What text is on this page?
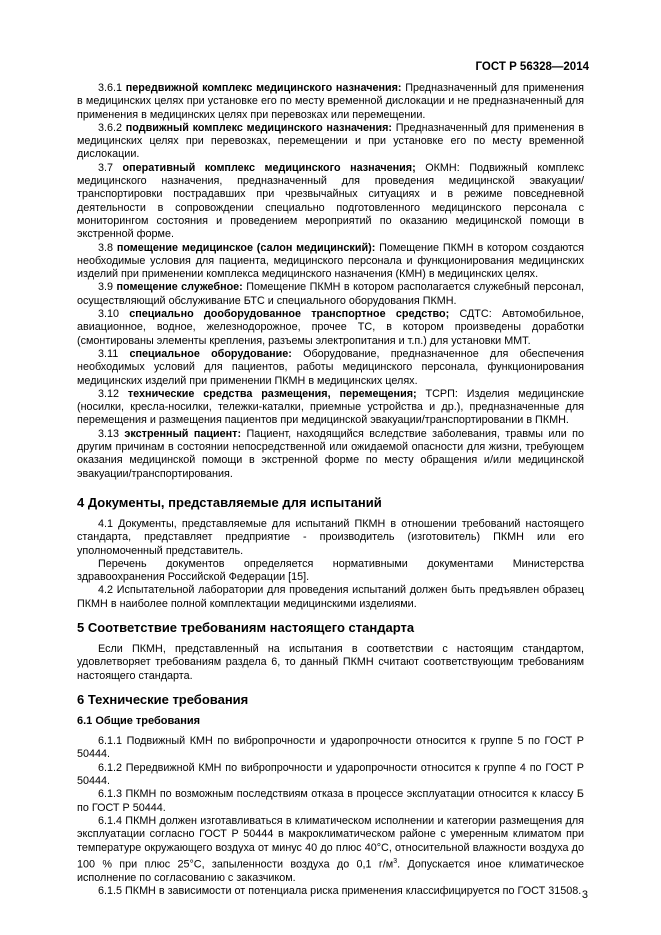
ГОСТ Р 56328—2014

3.6.1 передвижной комплекс медицинского назначения: Предназначенный для применения в медицинских целях при установке его по месту временной дислокации и не предназначенный для применения в медицинских целях при перевозках или перемещении.

3.6.2 подвижный комплекс медицинского назначения: Предназначенный для применения в медицинских целях при перевозках, перемещении и при установке его по месту временной дислокации.

3.7 оперативный комплекс медицинского назначения; ОКМН: Подвижный комплекс медицинского назначения, предназначенный для проведения медицинской эвакуации/транспортировки пострадавших при чрезвычайных ситуациях и в режиме повседневной деятельности в сопровождении специально подготовленного медицинского персонала с мониторингом состояния и проведением мероприятий по оказанию медицинской помощи в экстренной форме.

3.8 помещение медицинское (салон медицинский): Помещение ПКМН в котором создаются необходимые условия для пациента, медицинского персонала и функционирования медицинских изделий при применении комплекса медицинского назначения (КМН) в медицинских целях.

3.9 помещение служебное: Помещение ПКМН в котором располагается служебный персонал, осуществляющий обслуживание БТС и специального оборудования ПКМН.

3.10 специально дооборудованное транспортное средство; СДТС: Автомобильное, авиационное, водное, железнодорожное, прочее ТС, в котором произведены доработки (смонтированы элементы крепления, разъемы электропитания и т.п.) для установки ММТ.

3.11 специальное оборудование: Оборудование, предназначенное для обеспечения необходимых условий для пациентов, работы медицинского персонала, функционирования медицинских изделий при применении ПКМН в медицинских целях.

3.12 технические средства размещения, перемещения; ТСРП: Изделия медицинские (носилки, кресла-носилки, тележки-каталки, приемные устройства и др.), предназначенные для перемещения и размещения пациентов при медицинской эвакуации/транспортировании в ПКМН.

3.13 экстренный пациент: Пациент, находящийся вследствие заболевания, травмы или по другим причинам в состоянии непосредственной или ожидаемой опасности для жизни, требующем оказания медицинской помощи в экстренной форме по месту обращения и/или медицинской эвакуации/транспортирования.

4 Документы, представляемые для испытаний

4.1 Документы, представляемые для испытаний ПКМН в отношении требований настоящего стандарта, представляет предприятие - производитель (изготовитель) ПКМН или его уполномоченный представитель.

Перечень документов определяется нормативными документами Министерства здравоохранения Российской Федерации [15].

4.2 Испытательной лаборатории для проведения испытаний должен быть предъявлен образец ПКМН в наиболее полной комплектации медицинскими изделиями.

5 Соответствие требованиям настоящего стандарта

Если ПКМН, представленный на испытания в соответствии с настоящим стандартом, удовлетворяет требованиям раздела 6, то данный ПКМН считают соответствующим требованиям настоящего стандарта.

6 Технические требования
6.1 Общие требования

6.1.1 Подвижный КМН по вибропрочности и ударопрочности относится к группе 5 по ГОСТ Р 50444.

6.1.2 Передвижной КМН по вибропрочности и ударопрочности относится к группе 4 по ГОСТ Р 50444.

6.1.3 ПКМН по возможным последствиям отказа в процессе эксплуатации относится к классу Б по ГОСТ Р 50444.

6.1.4 ПКМН должен изготавливаться в климатическом исполнении и категории размещения для эксплуатации согласно ГОСТ Р 50444 в макроклиматическом районе с умеренным климатом при температуре окружающего воздуха от минус 40 до плюс 40°С, относительной влажности воздуха до 100 % при плюс 25°С, запыленности воздуха до 0,1 $г/м^3$. Допускается иное климатическое исполнение по согласованию с заказчиком.

6.1.5 ПКМН в зависимости от потенциала риска применения классифицируется по ГОСТ 31508. 3
